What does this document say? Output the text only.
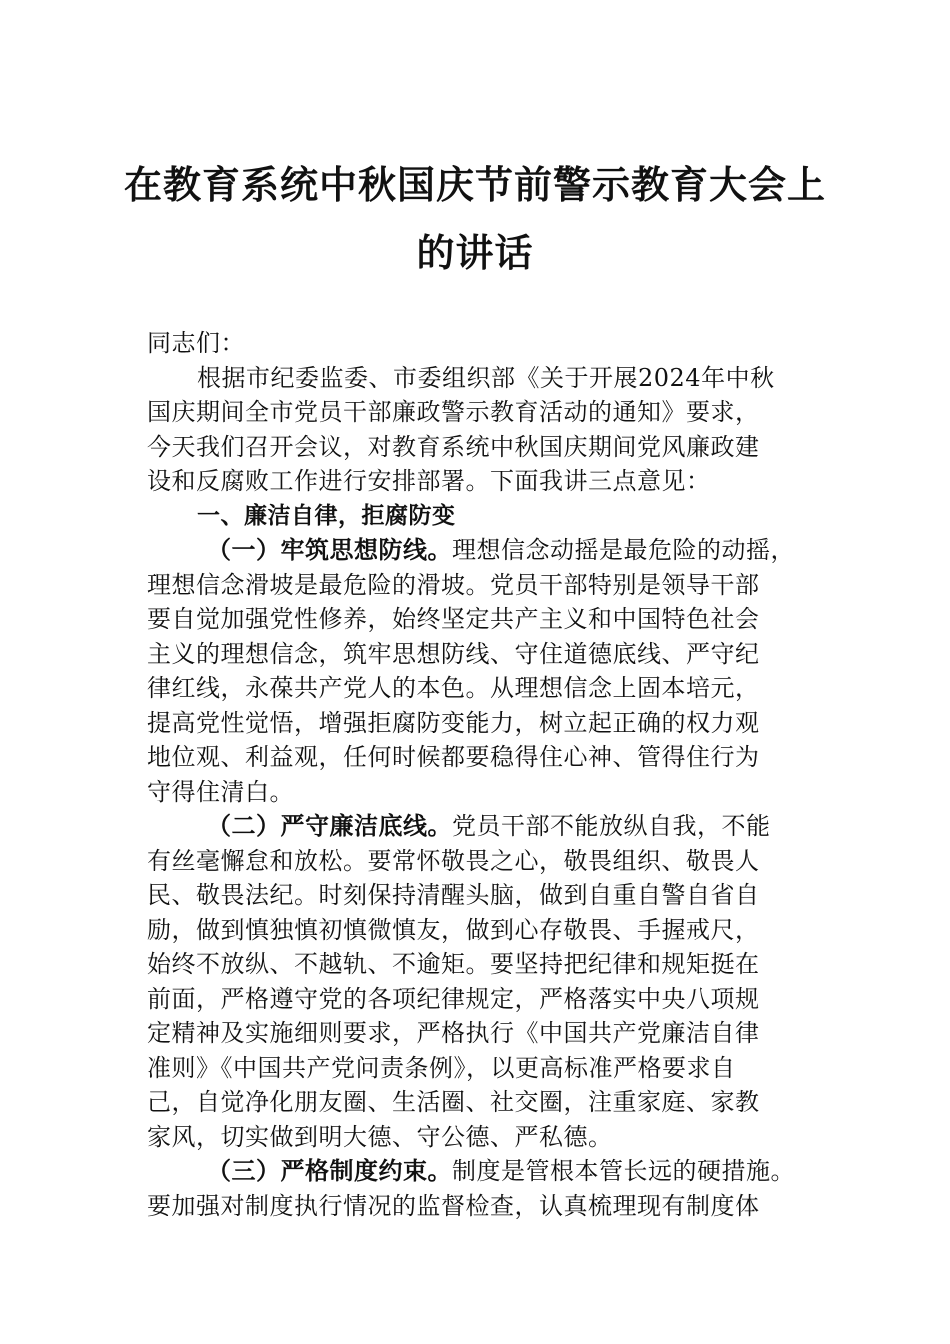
在教育系统中秋国庆节前警示教育大会上
的讲话
同志们：
根据市纪委监委、市委组织部《关于开展2024年中秋
国庆期间全市党员干部廉政警示教育活动的通知》要求，
今天我们召开会议，对教育系统中秋国庆期间党风廉政建
设和反腐败工作进行安排部署。下面我讲三点意见：
一、廉洁自律，拒腐防变
（一）牢筑思想防线。理想信念动摇是最危险的动摇，
理想信念滑坡是最危险的滑坡。党员干部特别是领导干部
要自觉加强党性修养，始终坚定共产主义和中国特色社会
主义的理想信念，筑牢思想防线、守住道德底线、严守纪
律红线，永葆共产党人的本色。从理想信念上固本培元，
提高党性觉悟，增强拒腐防变能力，树立起正确的权力观
地位观、利益观，任何时候都要稳得住心神、管得住行为
守得住清白。
（二）严守廉洁底线。党员干部不能放纵自我，不能
有丝毫懈怠和放松。要常怀敬畏之心，敬畏组织、敬畏人
民、敬畏法纪。时刻保持清醒头脑，做到自重自警自省自
励，做到慎独慎初慎微慎友，做到心存敬畏、手握戒尺，
始终不放纵、不越轨、不逾矩。要坚持把纪律和规矩挺在
前面，严格遵守党的各项纪律规定，严格落实中央八项规
定精神及实施细则要求，严格执行《中国共产党廉洁自律
准则》《中国共产党问责条例》，以更高标准严格要求自
己，自觉净化朋友圈、生活圈、社交圈，注重家庭、家教
家风，切实做到明大德、守公德、严私德。
（三）严格制度约束。制度是管根本管长远的硬措施。
要加强对制度执行情况的监督检查，认真梳理现有制度体
